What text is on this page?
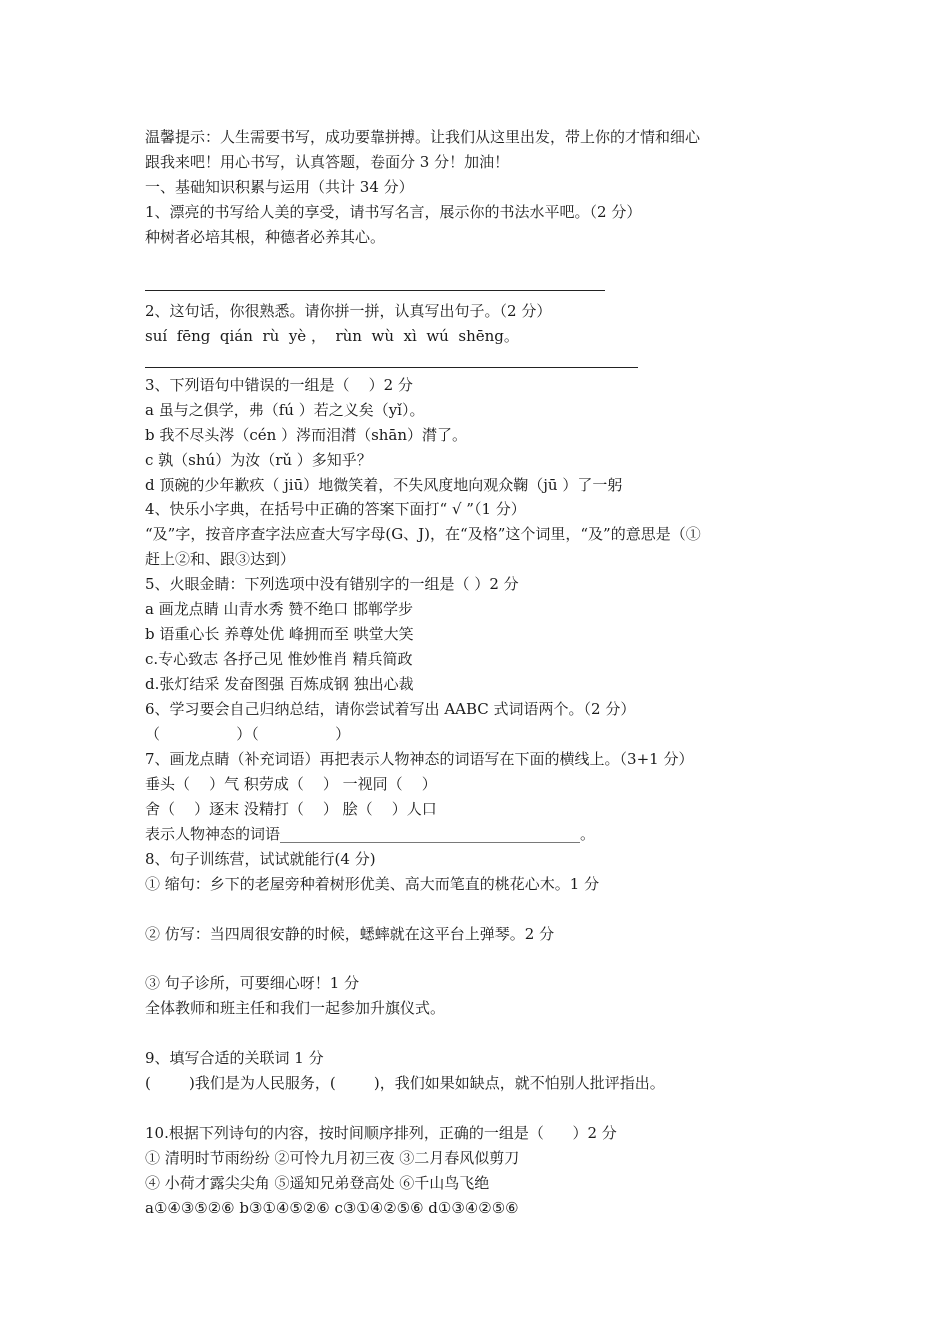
温馨提示：人生需要书写，成功要靠拼搏。让我们从这里出发，带上你的才情和细心
跟我来吧！用心书写，认真答题，卷面分 3 分！加油！
一、基础知识积累与运用（共计 34 分）
1、漂亮的书写给人美的享受，请书写名言，展示你的书法水平吧。（2 分）
种树者必培其根，种德者必养其心。
2、这句话，你很熟悉。请你拼一拼，认真写出句子。（2 分）
suí  fēng  qián  rù  yè ，  rùn  wù  xì  wú  shēng。
3、下列语句中错误的一组是（    ）2 分
a 虽与之俱学，弗（fú ）若之义矣（yǐ）。
b 我不尽头涔（cén ）涔而泪潸（shān）潸了。
c 孰（shú）为汝（rǔ ）多知乎？
d 顶碗的少年歉疚（ jiū）地微笑着，不失风度地向观众鞠（jū ）了一躬
4、快乐小字典，在括号中正确的答案下面打“ √ ”（1 分）
“及”字，按音序查字法应查大写字母(G、J)，在“及格”这个词里，“及”的意思是（①
赶上②和、跟③达到）
5、火眼金睛：下列选项中没有错别字的一组是（ ）2 分
a 画龙点睛 山青水秀 赞不绝口 邯郸学步
b 语重心长 养尊处优 峰拥而至 哄堂大笑
c.专心致志 各抒己见 惟妙惟肖 精兵简政
d.张灯结采 发奋图强 百炼成钢 独出心裁
6、学习要会自己归纳总结，请你尝试着写出 AABC 式词语两个。（2 分）
（                ）（                ）
7、画龙点睛（补充词语）再把表示人物神态的词语写在下面的横线上。（3+1 分）
垂头（    ）气 积劳成（    ） 一视同（    ）
舍（    ）逐末 没精打（    ） 脍（    ）人口
表示人物神态的词语________________________________________。
8、句子训练营，试试就能行(4 分)
① 缩句：乡下的老屋旁种着树形优美、高大而笔直的桃花心木。1 分
② 仿写：当四周很安静的时候，蟋蟀就在这平台上弹琴。2 分
③ 句子诊所，可要细心呀！1 分
全体教师和班主任和我们一起参加升旗仪式。
9、填写合适的关联词 1 分
(        )我们是为人民服务，(        )，我们如果如缺点，就不怕别人批评指出。
10.根据下列诗句的内容，按时间顺序排列，正确的一组是（      ）2 分
① 清明时节雨纷纷 ②可怜九月初三夜 ③二月春风似剪刀
④ 小荷才露尖尖角 ⑤遥知兄弟登高处 ⑥千山鸟飞绝
a①④③⑤②⑥ b③①④⑤②⑥ c③①④②⑤⑥ d①③④②⑤⑥
